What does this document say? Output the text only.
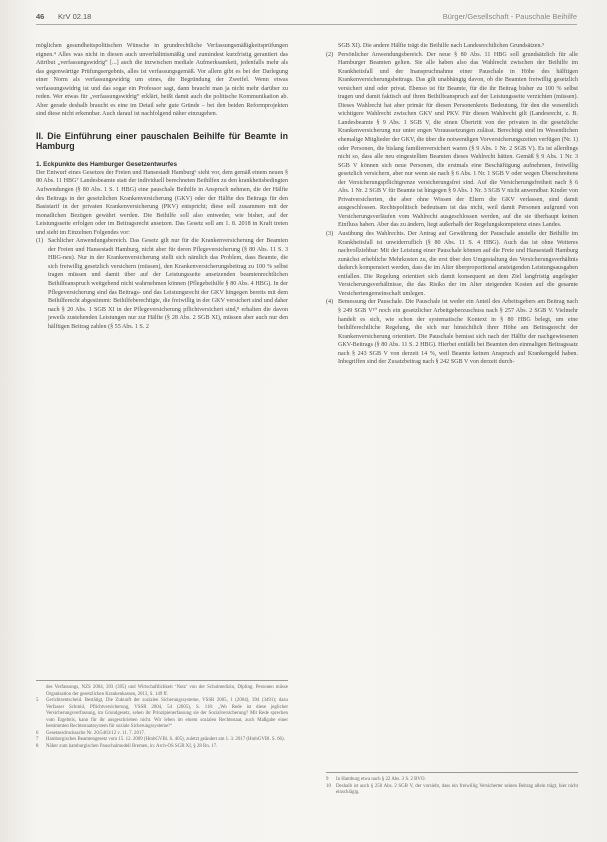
46 KrV 02.18	Bürger/Gesellschaft - Pauschale Beihilfe

möglichen gesundheitspolitischen Wünsche in grundrechtliche Verfassungsmäßigkeitsprüfungen eignen.⁴ Alles was nicht in diesen auch unverhältnismäßig und zumindest kurzfristig gerantiert das Attribut „verfassungswidrig“ [...] auch die inzwischen mediale Aufmerksamkeit, jedenfalls mehr als das gegenwärtige Prüfungsergebnis, alles ist verfassungsgemäß. Vor allem gibt es bei der Darlegung einer Norm als verfassungswidrig um eines, die Begründung der Zweifel. Wenn etwas verfassungswidrig ist und das sogar ein Professor sagt, dann braucht man ja nicht mehr darüber zu reden. Wer etwas für „verfassungswidrig“ erklärt, beißt damit auch die politische Kommunikation ab. Aber gerade deshalb braucht es eine im Detail sehr gute Gründe – bei den beiden Reformprojekten sind diese nicht erkennbar. Auch darauf ist nachfolgend näher einzugehen.

II. Die Einführung einer pauschalen Beihilfe für Beamte in Hamburg
1. Eckpunkte des Hamburger Gesetzentwurfes

Der Entwurf eines Gesetzes der Freien und Hansestadt Hamburg⁶ sieht vor, dem gemäß einem neuen § 80 Abs. 11 HBG⁷ Landesbeamte statt der individuell berechneten Beihilfen zu den krankheitsbedingten Aufwendungen (§ 80 Abs. 1 S. 1 HBG) eine pauschale Beihilfe in Anspruch nehmen, die der Hälfte des Beitrags in der gesetzlichen Krankenversicherung (GKV) oder der Hälfte des Beitrags für den Basistarif in der privaten Krankenversicherung (PKV) entspricht; diese soll zusammen mit der monatlichen Bezügen gewährt werden. Die Beihilfe soll also entweder, wie bisher, auf der Leistungsseite erfolgen oder im Beitragsrecht ansetzen. Das Gesetz soll am 1. 8. 2018 in Kraft treten und sieht im Einzelnen Folgendes vor:

(1) Sachlicher Anwendungsbereich. Das Gesetz gilt nur für die Krankenversicherung der Beamten der Freien und Hansestadt Hamburg, nicht aber für deren Pflegeversicherung (§ 80 Abs. 11 S. 3 HBG-neu). Nur in der Krankenversicherung stellt sich nämlich das Problem, dass Beamte, die sich freiwillig gesetzlich versichern (müssen), den Krankenversicherungsbeitrag zu 100 % selbst tragen müssen und damit über auf der Leistungsseite ansetzenden beamtenrechtlichen Beihilfeanspruch weitgehend nicht wahrnehmen können (Pflegebeihilfe § 80 Abs. 4 HBG). In der Pflegeversicherung sind das Beitrags- und das Leistungsrecht der GKV hingegen bereits mit dem Beihilferecht abgestimmt: Beihilfeberechtigte, die freiwillig in der GKV versichert sind und daher nach § 20 Abs. 1 SGB XI in der Pflegeversicherung pflichtversichert sind,⁸ erhalten die davon jeweils zustehenden Leistungen nur zur Hälfte (§ 28 Abs. 2 SGB XI), müssen aber auch nur den hälftigen Beitrag zahlen (§ 55 Abs. 1 S. 2
SGB XI). Die andere Hälfte trägt die Beihilfe nach Landesrechtlichen Grundsätzen.⁹
(2) Persönlicher Anwendungsbereich. Der neue § 80 Abs. 11 HBG soll grundsätzlich für alle Hamburger Beamten gelten. Sie alle haben also das Wahlrecht zwischen der Beihilfe im Krankheitsfall und der Inanspruchnahme einer Pauschale in Höhe des hälftigen Krankenversicherungsbeitrags. Das gilt unabhängig davon, ob die Beamten freiwillig gesetzlich versichert sind oder privat. Ebenso ist für Beamte, für die ihr Beitrag bisher zu 100 % selbst tragen und damit faktisch auf ihren Beihilfeanspruch auf der Leistungsseite verzichten (müssen). Dieses Wahlrecht hat aber primär für diesen Personenkreis Bedeutung, für den die wesentlich wichtigere Wahlrecht zwischen GKV und PKV. Für diesen Wahlrecht gilt (Landesrecht, z. B. Landesbeamte § 9 Abs. 1 SGB V, die einen Übertritt von der privaten in die gesetzliche Krankenversicherung nur unter engen Voraussetzungen zulässt. Berechtigt sind im Wesentlichen ehemalige Mitglieder der GKV, die über die notwendigen Vorversicherungszeiten verfügen (Nr. 1) oder Personen, die bislang familienversichert waren (§ 9 Abs. 1 Nr. 2 SGB V). Es ist allerdings nicht so, dass alle neu eingestellten Beamten dieses Wahlrecht hätten. Gemäß § 9 Abs. 1 Nr. 3 SGB V können sich neue Personen, die erstmals eine Beschäftigung aufnehmen, freiwillig gesetzlich versichern, aber nur wenn sie nach § 6 Abs. 1 Nr. 1 SGB V oder wegen Überschreitens der Versicherungspflichtgrenze versicherungsfrei sind. Auf die Versicherungsfreiheit nach § 6 Abs. 1 Nr. 2 SGB V für Beamte ist hingegen § 9 Abs. 1 Nr. 3 SGB V nicht anwendbar. Kinder von Privatversicherten, die aber ohne Wissen der Eltern die GKV verlassen, sind damit ausgeschlossen. Rechtspolitisch bedeutsam ist das nicht, weil damit Personen aufgrund von Versicherungsverläufen vom Wahlrecht ausgeschlossen werden, auf die sie überhaupt keinen Einfluss haben. Aber das zu ändern, liegt außerhalb der Regelungskompetenz eines Landes.
(3) Ausübung des Wahlrechts. Der Antrag auf Gewährung der Pauschale anstelle der Beihilfe im Krankheitsfall ist unwiderruflich (§ 80 Abs. 11 S. 4 HBG). Auch das ist ohne Weiteres nachvollziehbar: Mit der Leistung einer Pauschale können auf die Freie und Hansestadt Hamburg zunächst erhebliche Mehrkosten zu, die erst über den Umgestaltung des Versicherungsverhältnis dadurch kompensiert werden, dass die im Alter überproportional ansteigenden Leistungsausgaben entfallen. Die Regelung orientiert sich damit konsequent an dem Ziel langfristig angelegter Versicherungsverhältnisse, die das Risiko der im Alter steigenden Kosten auf die gesamte Versichertengemeinschaft umlegen.
(4) Bemessung der Pauschale. Die Pauschale ist weder ein Anteil des Arbeitsgebers am Beitrag nach § 249 SGB V¹⁰ noch ein gesetzlicher Arbeitgeberzuschuss nach § 257 Abs. 2 SGB V. Vielmehr handelt es sich, wie schon der systematische Kontext in § 80 HBG belegt, um eine beihilferechtliche Regelung, die sich nur hinsichtlich ihrer Höhe am Beitragsrecht der Krankenversicherung orientiert. Die Pauschale bemisst sich nach der Hälfte der nachgewiesenen GKV-Beitrags (§ 80 Abs. 11 S. 2 HBG). Hierbei entfällt bei Beamten den einmaligen Beitragssatz nach § 243 SGB V von derzeit 14 %, weil Beamte keinen Anspruch auf Krankengeld haben. Inbegriffen sind der Zusatzbeitrag nach § 242 SGB V von derzeit durch-
des Verfassungs, NZS 2004, 393 (395) und Wirtschaftlichkeit ‘Nutz’ von der Schulmedizin, Dipling. Personen müsse Organisation der gesetzlichen Krankenkassen, 2013, S. 149 ff.
5	Gerichtsentscheid. Bestätigt, Die Zukunft der sozialen Sicherungssysteme, VSSR 2005, 1 (2004), 394 (3491); dazu Verfasser Schmid, Pflichtversicherung, VSSR 2004, 54 (2005), S. 118: „Wo Rede ist diese jeglicher Versicherungsverfassung, im Grundgesetz, sehen ihr Prinzipienerfassung sie der Sozialversicherung? Mit Rede sprechen vom Ergebnis, kann für ihr ausgeschrieben nicht. Wir leben im einem sozialen Rechtsstaat, auch Maßgabe einer bestimmten Rechtsstaatssystem für soziale Sicherungssysteme!“
6	Gesetzesdrucksache Nr. 20/5463/12 v. 11. 7. 2017.
7	Hamburgisches Beamtengesetz vom 15. 12. 2009 (HmbGVBl. S. 405), zuletzt geändert am 1. 3. 2017 (HmbGVBl. S. 66).
8	Näher zum hamburgischen Pauschalmodell Bremen, in: Arch-OS SGB XI, § 28 Rn. 17.
9	In Hamburg etwa nach § 22 Abs. 3 S. 2 BVO.
10	Deshalb ist auch § 250 Abs. 2 SGB V, der vorsieht, dass ein freiwillig Versicherter seinen Beitrag allein trägt, hier nicht einschlägig.
